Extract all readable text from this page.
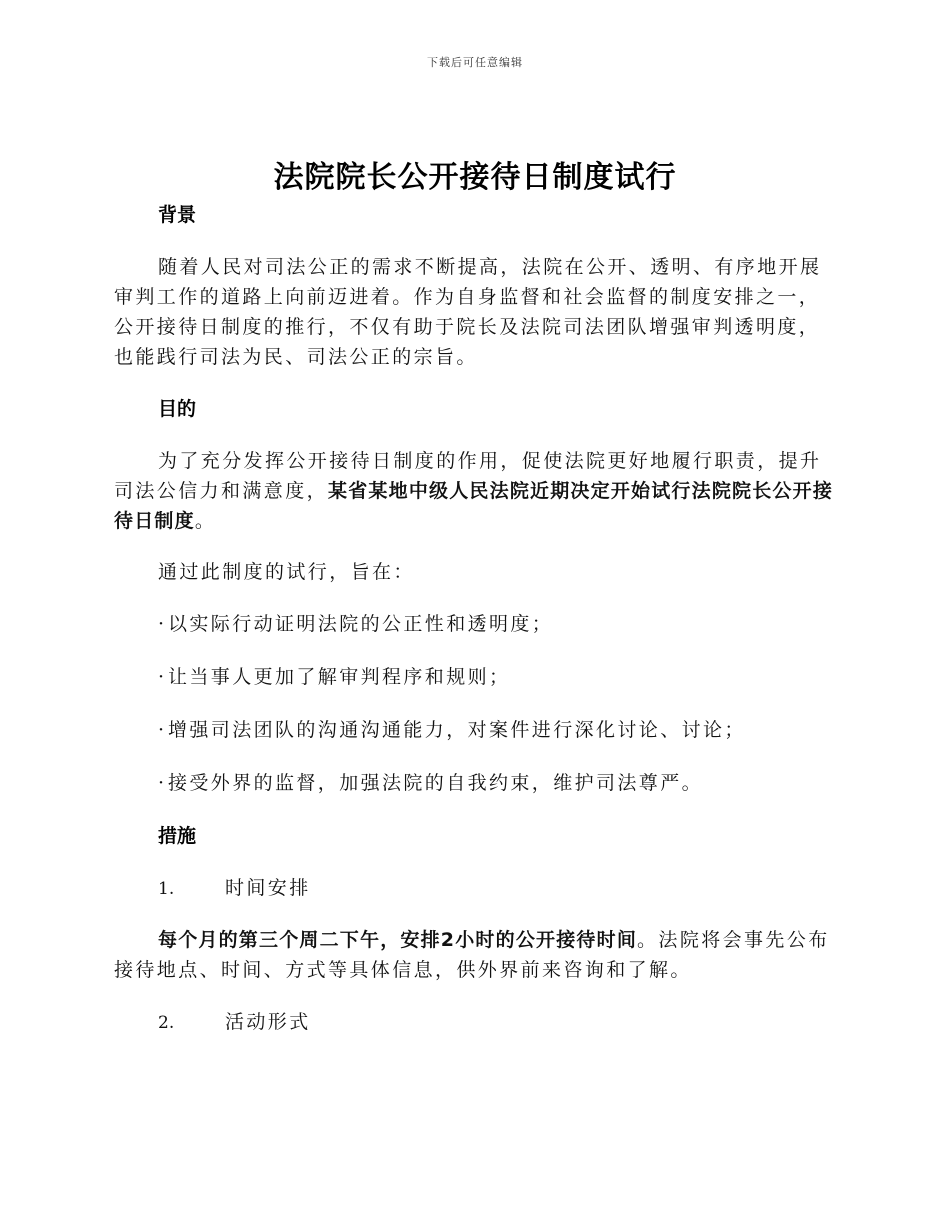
下载后可任意编辑
法院院长公开接待日制度试行
背景

随着人民对司法公正的需求不断提高，法院在公开、透明、有序地开展审判工作的道路上向前迈进着。作为自身监督和社会监督的制度安排之一，公开接待日制度的推行，不仅有助于院长及法院司法团队增强审判透明度，也能践行司法为民、司法公正的宗旨。

目的

为了充分发挥公开接待日制度的作用，促使法院更好地履行职责，提升司法公信力和满意度，某省某地中级人民法院近期决定开始试行法院院长公开接待日制度。

通过此制度的试行，旨在：

·以实际行动证明法院的公正性和透明度；
·让当事人更加了解审判程序和规则；
·增强司法团队的沟通沟通能力，对案件进行深化讨论、讨论；
·接受外界的监督，加强法院的自我约束，维护司法尊严。
措施
1.	时间安排

每个月的第三个周二下午，安排2小时的公开接待时间。法院将会事先公布接待地点、时间、方式等具体信息，供外界前来咨询和了解。

2.	活动形式
